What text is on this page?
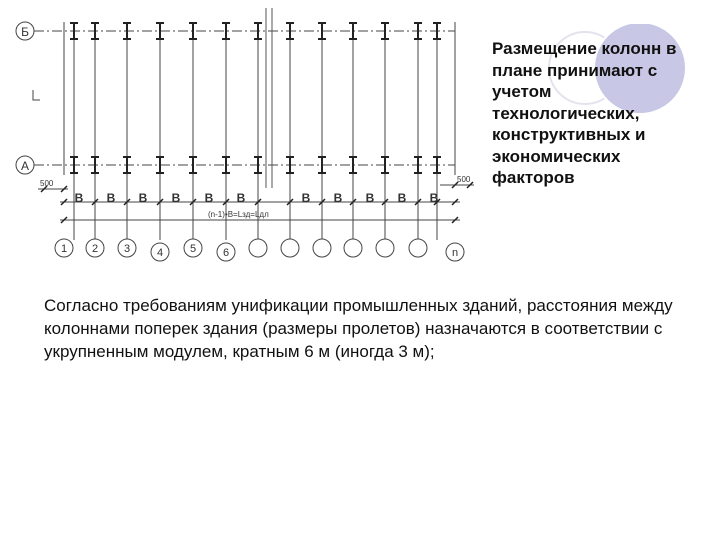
В В В В В В	В В В В В
1 2 3 4 5 6	n
Б
А
500	500
(n-1)•В=Lзд=Lдл
Размещение колонн в плане принимают с учетом технологических, конструктивных и экономических факторов
Согласно требованиям унификации промышленных зданий, расстояния между колоннами поперек здания (размеры пролетов) назначаются в соответствии с укрупненным модулем, кратным 6 м (иногда 3 м);
